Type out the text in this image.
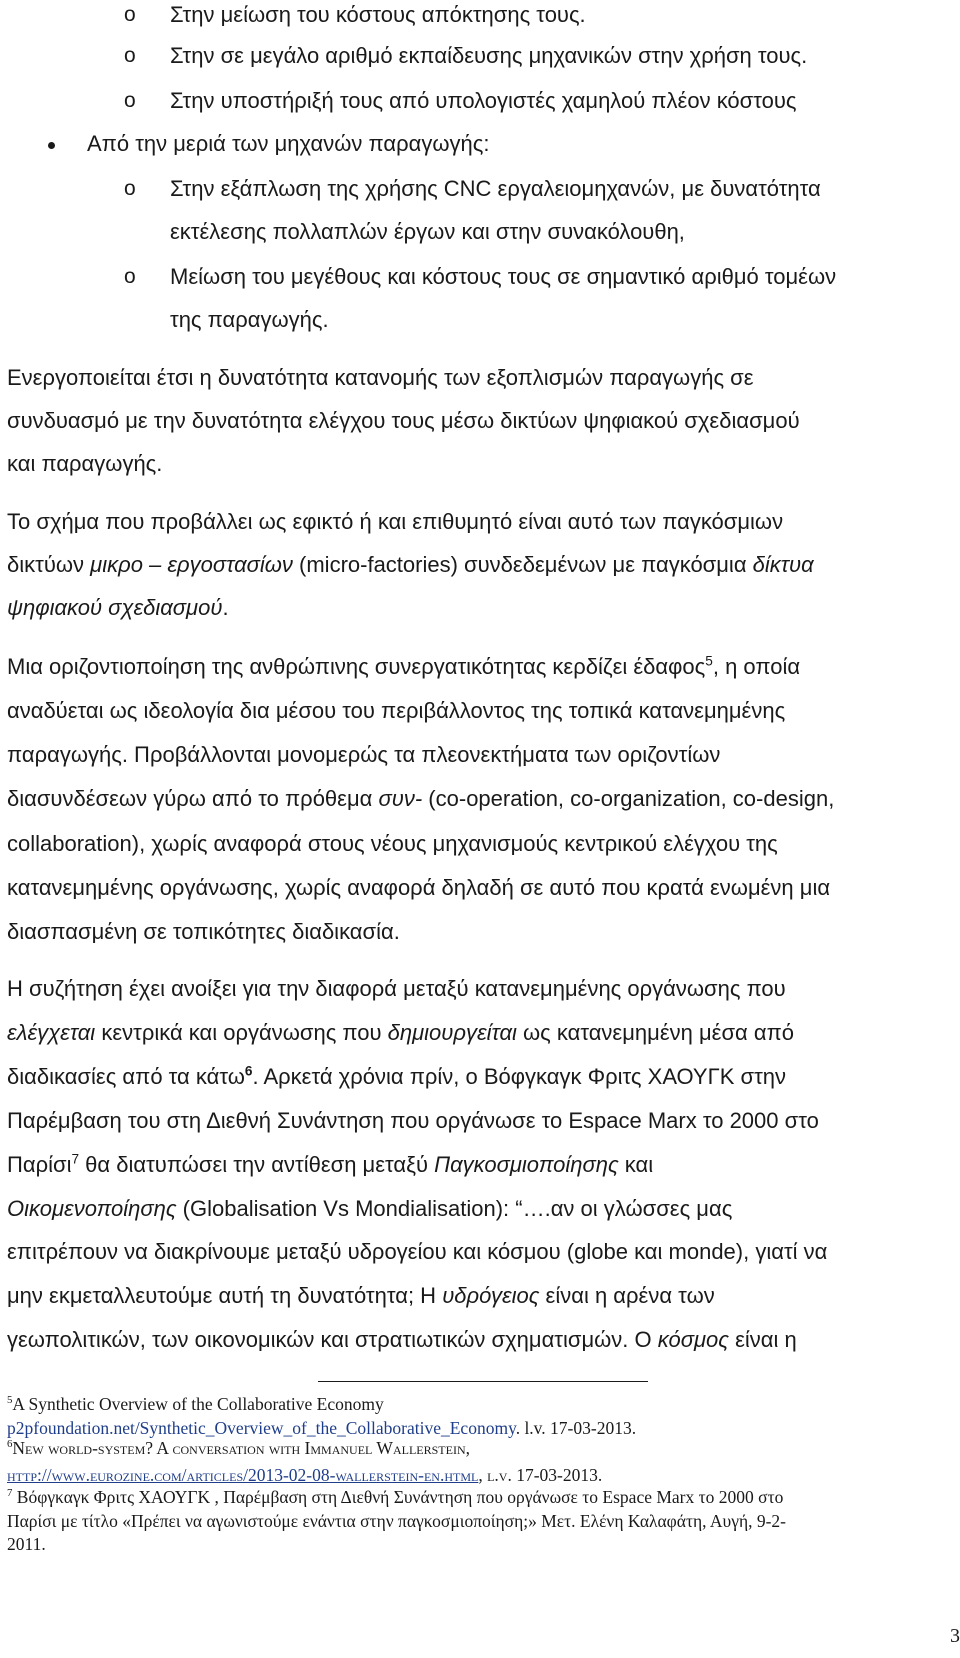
o Στην μείωση του κόστους απόκτησης τους.
o Στην σε μεγάλο αριθμό εκπαίδευσης μηχανικών στην χρήση τους.
o Στην υποστήριξή τους από υπολογιστές χαμηλού πλέον κόστους
Από την μεριά των μηχανών παραγωγής:
o Στην εξάπλωση της χρήσης CNC εργαλειομηχανών, με δυνατότητα
εκτέλεσης πολλαπλών έργων και στην συνακόλουθη,
o Μείωση του μεγέθους και κόστους τους σε σημαντικό αριθμό τομέων
της παραγωγής.
Ενεργοποιείται έτσι η δυνατότητα κατανομής των εξοπλισμών παραγωγής σε
συνδυασμό με την δυνατότητα ελέγχου τους μέσω δικτύων ψηφιακού σχεδιασμού
και παραγωγής.
Το σχήμα που προβάλλει ως εφικτό ή και επιθυμητό είναι αυτό των παγκόσμιων
δικτύων μικρο – εργοστασίων (micro-factories) συνδεδεμένων με παγκόσμια δίκτυα
ψηφιακού σχεδιασμού.
Μια οριζοντιοποίηση της ανθρώπινης συνεργατικότητας κερδίζει έδαφος$^5$, η οποία
αναδύεται ως ιδεολογία δια μέσου του περιβάλλοντος της τοπικά κατανεμημένης
παραγωγής. Προβάλλονται μονομερώς τα πλεονεκτήματα των οριζοντίων
διασυνδέσεων γύρω από το πρόθεμα συν- (co-operation, co-organization, co-design,
collaboration), χωρίς αναφορά στους νέους μηχανισμούς κεντρικού ελέγχου της
κατανεμημένης οργάνωσης, χωρίς αναφορά δηλαδή σε αυτό που κρατά ενωμένη μια
διασπασμένη σε τοπικότητες διαδικασία.
Η συζήτηση έχει ανοίξει για την διαφορά μεταξύ κατανεμημένης οργάνωσης που
ελέγχεται κεντρικά και οργάνωσης που δημιουργείται ως κατανεμημένη μέσα από
διαδικασίες από τα κάτω$^6$. Αρκετά χρόνια πρίν, ο Βόφγκαγκ Φριτς ΧΑΟΥΓΚ στην
Παρέμβαση του στη Διεθνή Συνάντηση που οργάνωσε το Espace Marx το 2000 στο
Παρίσι$^7$ θα διατυπώσει την αντίθεση μεταξύ Παγκοσμιοποίησης και
Οικομενοποίησης (Globalisation Vs Mondialisation): “….αν οι γλώσσες μας
επιτρέπουν να διακρίνουμε μεταξύ υδρογείου και κόσμου (globe και monde), γιατί να
μην εκμεταλλευτούμε αυτή τη δυνατότητα; Η υδρόγειος είναι η αρένα των
γεωπολιτικών, των οικονομικών και στρατιωτικών σχηματισμών. Ο κόσμος είναι η
$^5$A Synthetic Overview of the Collaborative Economy
p2pfoundation.net/Synthetic_Overview_of_the_Collaborative_Economy. l.v. 17-03-2013.
$^6$New world-system? A conversation with Immanuel Wallerstein,
http://www.eurozine.com/articles/2013-02-08-wallerstein-en.html, l.v. 17-03-2013.
$^7$ Βόφγκαγκ Φριτς ΧΑΟΥΓΚ , Παρέμβαση στη Διεθνή Συνάντηση που οργάνωσε το Espace Marx το 2000 στο
Παρίσι με τίτλο «Πρέπει να αγωνιστούμε ενάντια στην παγκοσμιοποίηση;» Μετ. Ελένη Καλαφάτη, Αυγή, 9-2-
2011.
3
